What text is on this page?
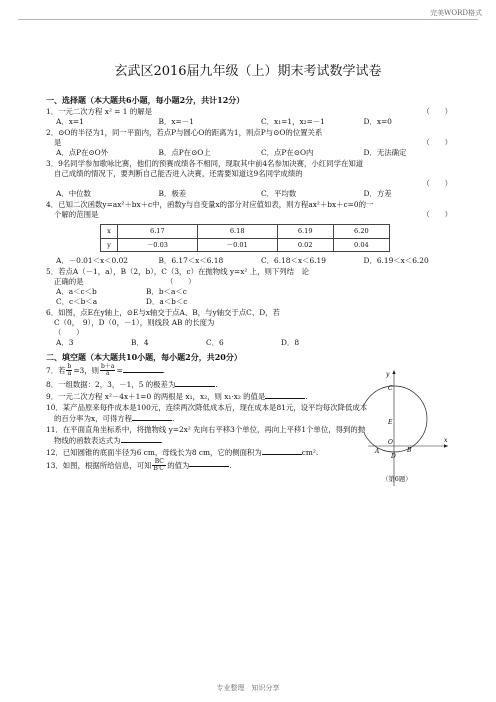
完美WORD格式
玄武区2016届九年级（上）期末考试数学试卷
一、选择题（本大题共6小题，每小题2分，共计12分）
1．一元二次方程 x² = 1 的解是	（　　）
A．x=1	B．x=－1	C．x₁=1，x₂=－1	D．x=0
2．⊙O的半径为1，同一平面内，若点P与圆心O的距离为1，则点P与⊙O的位置关系
是	（　　）
A．点P在⊙O外	B．点P在⊙O上	C．点P在⊙O内	D．无法确定
3．9名同学参加歌咏比赛，他们的预赛成绩各不相同，现取其中前4名参加决赛，小红同学在知道
自己成绩的情况下，要判断自己能否进入决赛，还需要知道这9名同学成绩的
（　　）
A．中位数	B．极差	C．平均数	D．方差
4．已知二次函数y=ax²＋bx＋c中，函数y与自变量x的部分对应值如表，则方程ax²＋bx＋c=0的一
个解的范围是	（　　）
x	6.17	6.18	6.19	6.20
y	－0.03	－0.01	0.02	0.04
A．－0.01＜x＜0.02	B．6.17＜x＜6.18	C．6.18＜x＜6.19	D．6.19＜x＜6.20
5．若点A（－1，a），B（2，b），C（3，c）在抛物线 y=x² 上，则下列结　论
正确的是	（　　）
A．a＜c＜b	B．b＜a＜c
C．c＜b＜a	D．a＜b＜c
6．如图，点E在y轴上，⊙E与x轴交于点A、B，与y轴交于点C、D，若
C（0，　9），D（0，－1），则线段 AB 的长度为
（　　）
A．3	B．4	C．6	D．8
二、填空题（本大题共10小题，每小题2分，共20分）
7．若 $\frac{b}{a} =3$，则 $\frac{b+a}{a}$ =	.
8．一组数据：2，3，－1，5 的极差为	.
9．一元二次方程 x²－4x＋1=0 的两根是 x₁，x₂，则 x₁·x₂ 的值是	.
10．某产品原来每件成本是100元，连续两次降低成本后，现在成本是81元，设平均每次降低成本
的百分率为x，可得方程	.
11．在平面直角坐标系中，将抛物线 y=2x² 先向右平移3个单位，再向上平移1个单位，得到的抛
物线的函数表达式为	.
12．已知圆锥的底面半径为6 cm，母线长为8 cm，它的侧面积为	cm².
13．如图，根据所给信息，可知 $\frac{BC}{B'C'}$ 的值为	.
y
x
C
E
O
A	B
D
（第6题）
专业整理　知识分享
